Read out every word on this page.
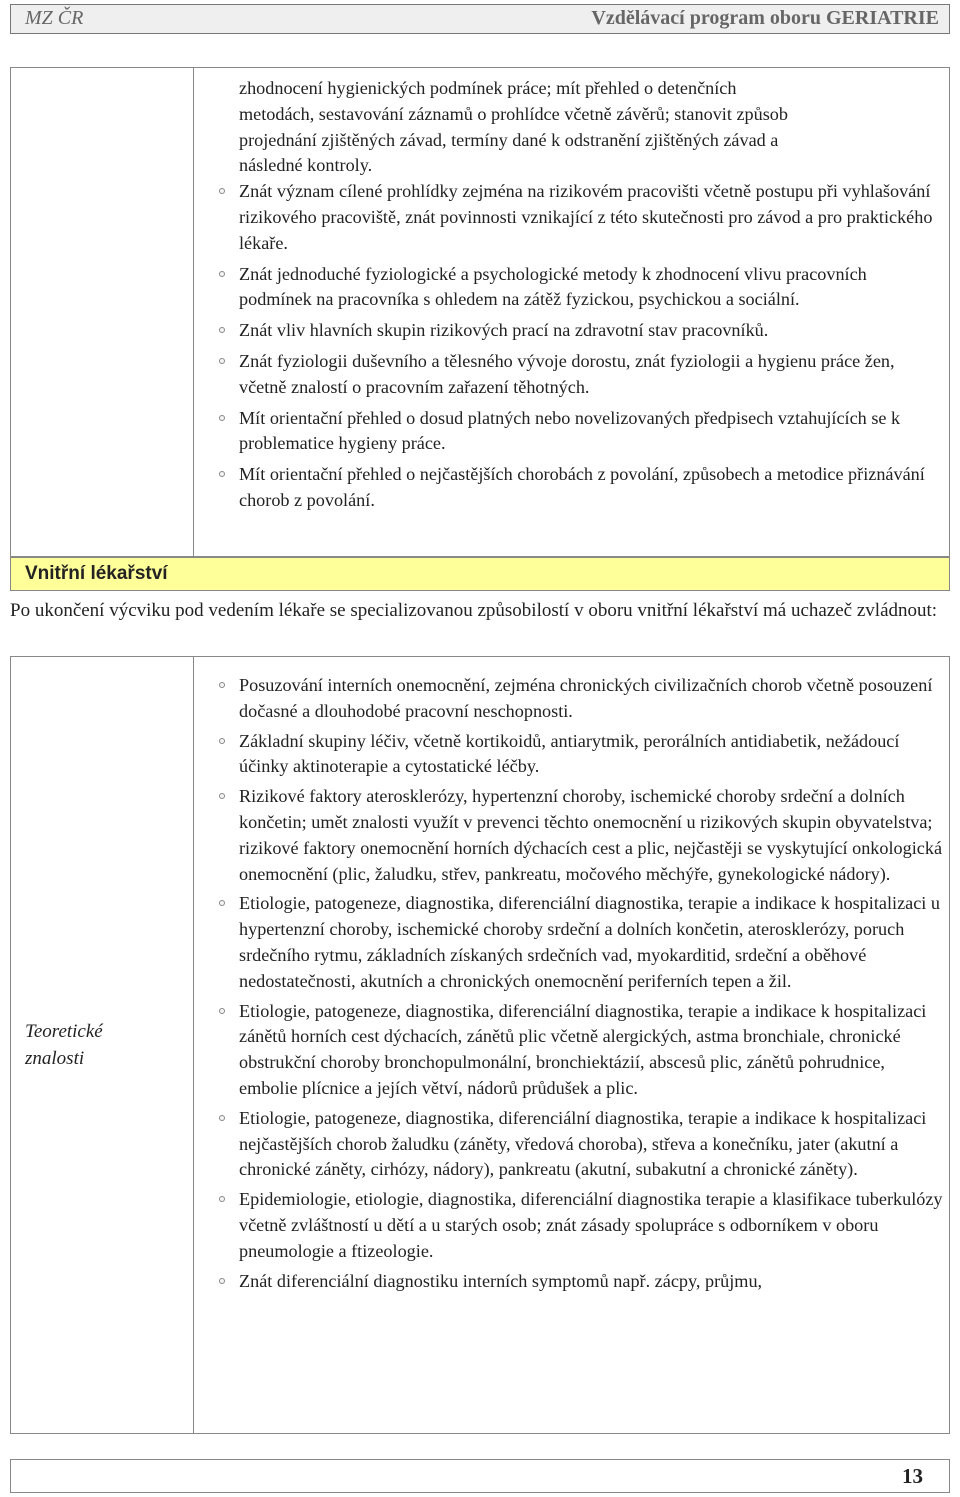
MZ ČR	Vzdělávací program oboru GERIATRIE

zhodnocení hygienických podmínek práce; mít přehled o detenčních
metodách, sestavování záznamů o prohlídce včetně závěrů; stanovit způsob
projednání zjištěných závad, termíny dané k odstranění zjištěných závad a
následné kontroly.

Znát význam cílené prohlídky zejména na rizikovém pracovišti včetně postupu při vyhlašování rizikového pracoviště, znát povinnosti vznikající z této skutečnosti pro závod a pro praktického lékaře.
Znát jednoduché fyziologické a psychologické metody k zhodnocení vlivu pracovních podmínek na pracovníka s ohledem na zátěž fyzickou, psychickou a sociální.
Znát vliv hlavních skupin rizikových prací na zdravotní stav pracovníků.
Znát fyziologii duševního a tělesného vývoje dorostu, znát fyziologii a hygienu práce žen, včetně znalostí o pracovním zařazení těhotných.
Mít orientační přehled o dosud platných nebo novelizovaných předpisech vztahujících se k problematice hygieny práce.
Mít orientační přehled o nejčastějších chorobách z povolání, způsobech a metodice přiznávání chorob z povolání.
Vnitřní lékařství

Po ukončení výcviku pod vedením lékaře se specializovanou způsobilostí v oboru vnitřní lékařství má uchazeč zvládnout:

Teoretické
znalosti
Posuzování interních onemocnění, zejména chronických civilizačních chorob včetně posouzení dočasné a dlouhodobé pracovní neschopnosti.
Základní skupiny léčiv, včetně kortikoidů, antiarytmik, perorálních antidiabetik, nežádoucí účinky aktinoterapie a cytostatické léčby.
Rizikové faktory aterosklerózy, hypertenzní choroby, ischemické choroby srdeční a dolních končetin; umět znalosti využít v prevenci těchto onemocnění u rizikových skupin obyvatelstva; rizikové faktory onemocnění horních dýchacích cest a plic, nejčastěji se vyskytující onkologická onemocnění (plic, žaludku, střev, pankreatu, močového měchýře, gynekologické nádory).
Etiologie, patogeneze, diagnostika, diferenciální diagnostika, terapie a indikace k hospitalizaci u hypertenzní choroby, ischemické choroby srdeční a dolních končetin, aterosklerózy, poruch srdečního rytmu, základních získaných srdečních vad, myokarditid, srdeční a oběhové nedostatečnosti, akutních a chronických onemocnění periferních tepen a žil.
Etiologie, patogeneze, diagnostika, diferenciální diagnostika, terapie a indikace k hospitalizaci zánětů horních cest dýchacích, zánětů plic včetně alergických, astma bronchiale, chronické obstrukční choroby bronchopulmonální, bronchiektázií, abscesů plic, zánětů pohrudnice, embolie plícnice a jejích větví, nádorů průdušek a plic.
Etiologie, patogeneze, diagnostika, diferenciální diagnostika, terapie a indikace k hospitalizaci nejčastějších chorob žaludku (záněty, vředová choroba), střeva a konečníku, jater (akutní a chronické záněty, cirhózy, nádory), pankreatu (akutní, subakutní a chronické záněty).
Epidemiologie, etiologie, diagnostika, diferenciální diagnostika terapie a klasifikace tuberkulózy včetně zvláštností u dětí a u starých osob; znát zásady spolupráce s odborníkem v oboru pneumologie a ftizeologie.
Znát diferenciální diagnostiku interních symptomů např. zácpy, průjmu,
13
